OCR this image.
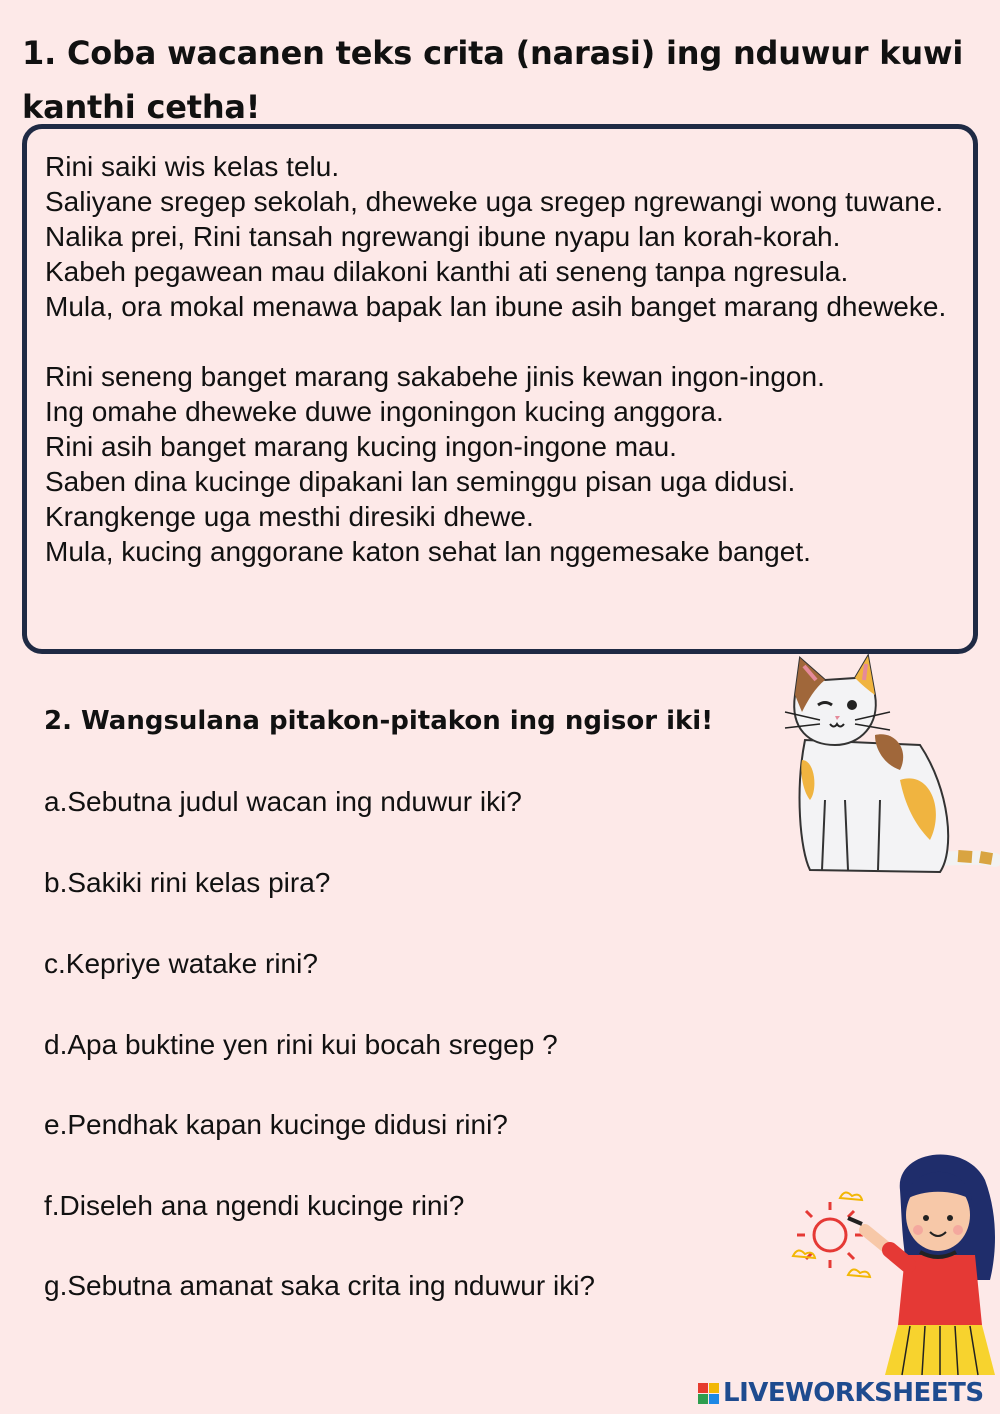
1. Coba wacanen teks crita (narasi) ing nduwur kuwi kanthi cetha!
Rini saiki wis kelas telu.
Saliyane sregep sekolah, dheweke uga sregep ngrewangi wong tuwane.
Nalika prei, Rini tansah ngrewangi ibune nyapu lan korah-korah.
Kabeh pegawean mau dilakoni kanthi ati seneng tanpa ngresula.
Mula, ora mokal menawa bapak lan ibune asih banget marang dheweke.
Rini seneng banget marang sakabehe jinis kewan ingon-ingon.
Ing omahe dheweke duwe ingoningon kucing anggora.
Rini asih banget marang kucing ingon-ingone mau.
Saben dina kucinge dipakani lan seminggu pisan uga didusi.
Krangkenge uga mesthi diresiki dhewe.
Mula, kucing anggorane katon sehat lan nggemesake banget.
2. Wangsulana pitakon-pitakon ing ngisor iki!
a.Sebutna judul wacan ing nduwur iki?
b.Sakiki rini kelas pira?
c.Kepriye watake rini?
d.Apa buktine yen rini kui bocah sregep ?
e.Pendhak kapan kucinge didusi rini?
f.Diseleh ana ngendi kucinge rini?
g.Sebutna amanat saka crita ing nduwur iki?
LIVEWORKSHEETS
